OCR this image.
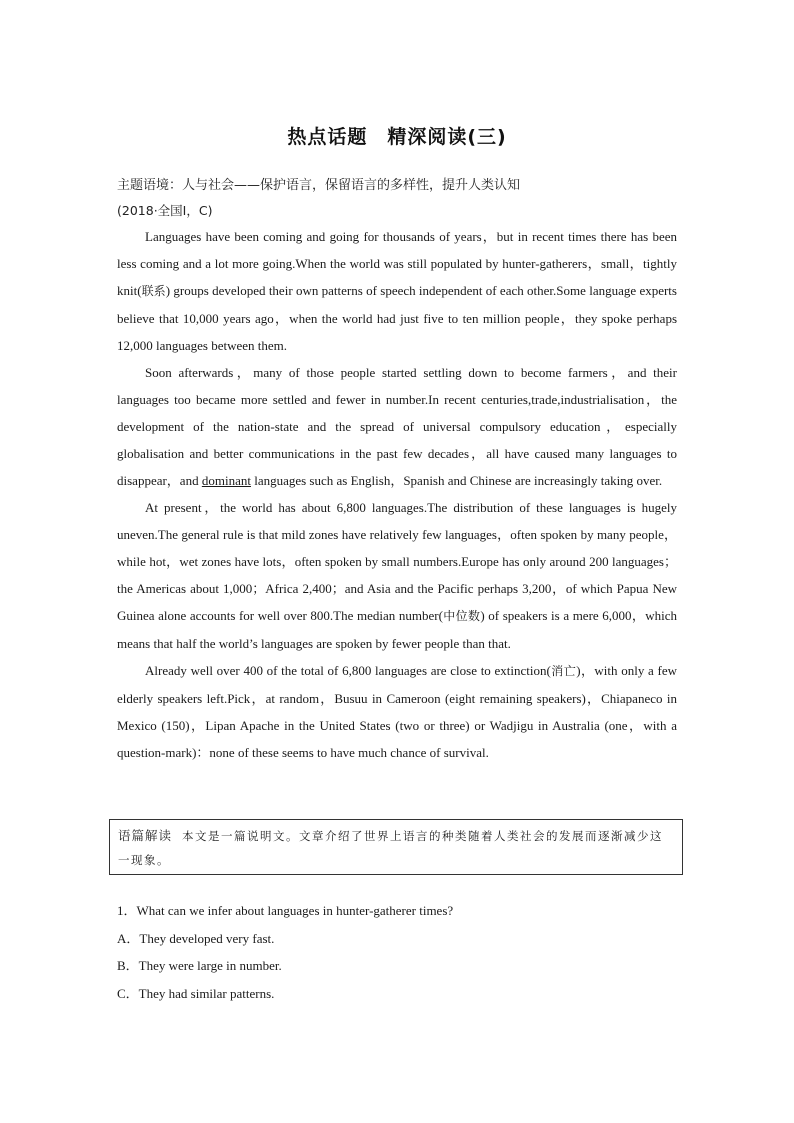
热点话题　精深阅读(三)
主题语境：人与社会——保护语言，保留语言的多样性，提升人类认知
(2018·全国Ⅰ，C)

Languages have been coming and going for thousands of years，but in recent times there has been less coming and a lot more going.When the world was still populated by hunter-gatherers，small，tightly knit(联系) groups developed their own patterns of speech independent of each other.Some language experts believe that 10,000 years ago，when the world had just five to ten million people，they spoke perhaps 12,000 languages between them.

Soon afterwards，many of those people started settling down to become farmers，and their languages too became more settled and fewer in number.In recent centuries,trade,industrialisation，the development of the nation-state and the spread of universal compulsory education，especially globalisation and better communications in the past few decades，all have caused many languages to disappear，and dominant languages such as English，Spanish and Chinese are increasingly taking over.

At present，the world has about 6,800 languages.The distribution of these languages is hugely uneven.The general rule is that mild zones have relatively few languages，often spoken by many people，while hot，wet zones have lots，often spoken by small numbers.Europe has only around 200 languages；the Americas about 1,000；Africa 2,400；and Asia and the Pacific perhaps 3,200，of which Papua New Guinea alone accounts for well over 800.The median number(中位数) of speakers is a mere 6,000，which means that half the world’s languages are spoken by fewer people than that.

Already well over 400 of the total of 6,800 languages are close to extinction(消亡)，with only a few elderly speakers left.Pick，at random，Busuu in Cameroon (eight remaining speakers)，Chiapaneco in Mexico (150)，Lipan Apache in the United States (two or three) or Wadjigu in Australia (one，with a question-mark)：none of these seems to have much chance of survival.

语篇解读 本文是一篇说明文。文章介绍了世界上语言的种类随着人类社会的发展而逐渐减少这一现象。
1．What can we infer about languages in hunter-gatherer times?
A．They developed very fast.
B．They were large in number.
C．They had similar patterns.
